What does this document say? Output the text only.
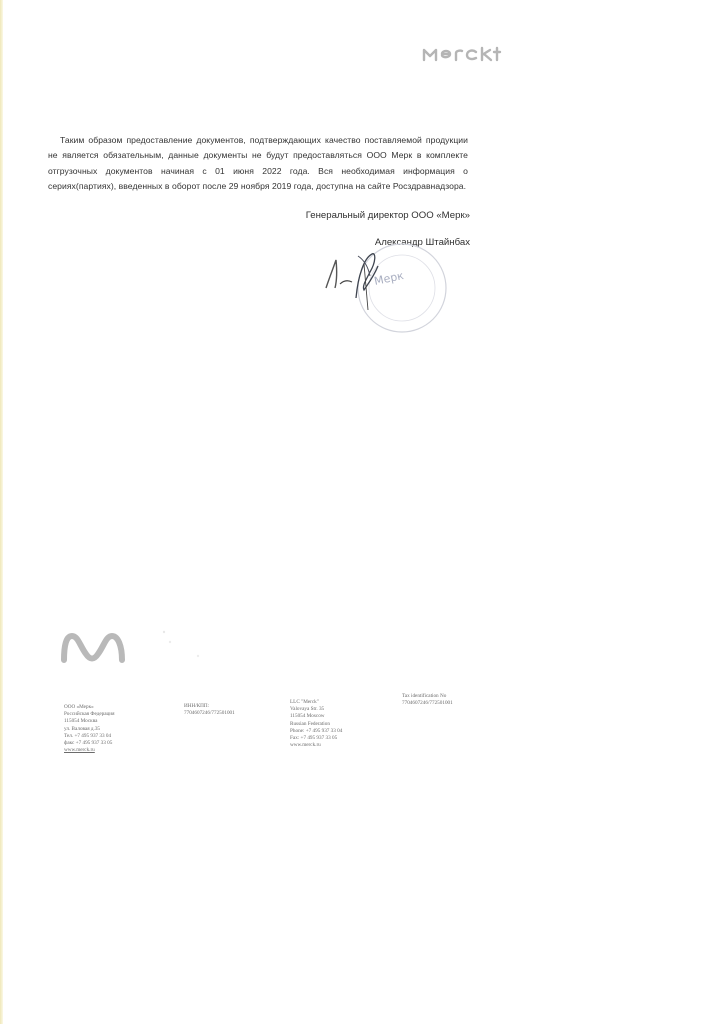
Таким образом предоставление документов, подтверждающих качество поставляемой продукции не является обязательным, данные документы не будут предоставляться ООО Мерк в комплекте отгрузочных документов начиная с 01 июня 2022 года. Вся необходимая информация о сериях(партиях), введенных в оборот после 29 ноября 2019 года, доступна на сайте Росздравнадзора.

Генеральный директор ООО «Мерк»
Александр Штайнбах
Мерк
ООО «Мерк»
Российская Федерация
115054 Москва
ул. Валовая д.35
Тел. +7 495 937 33 04
факс +7 495 937 33 05
www.merck.ru
ИНН/КПП:
7704607246/772501001
LLC "Merck"
Valovaya Str. 35
115054 Moscow
Russian Federation
Phone: +7 495 937 33 04
Fax: +7 495 937 33 05
www.merck.ru
Tax identification No
7704607246/772501001
